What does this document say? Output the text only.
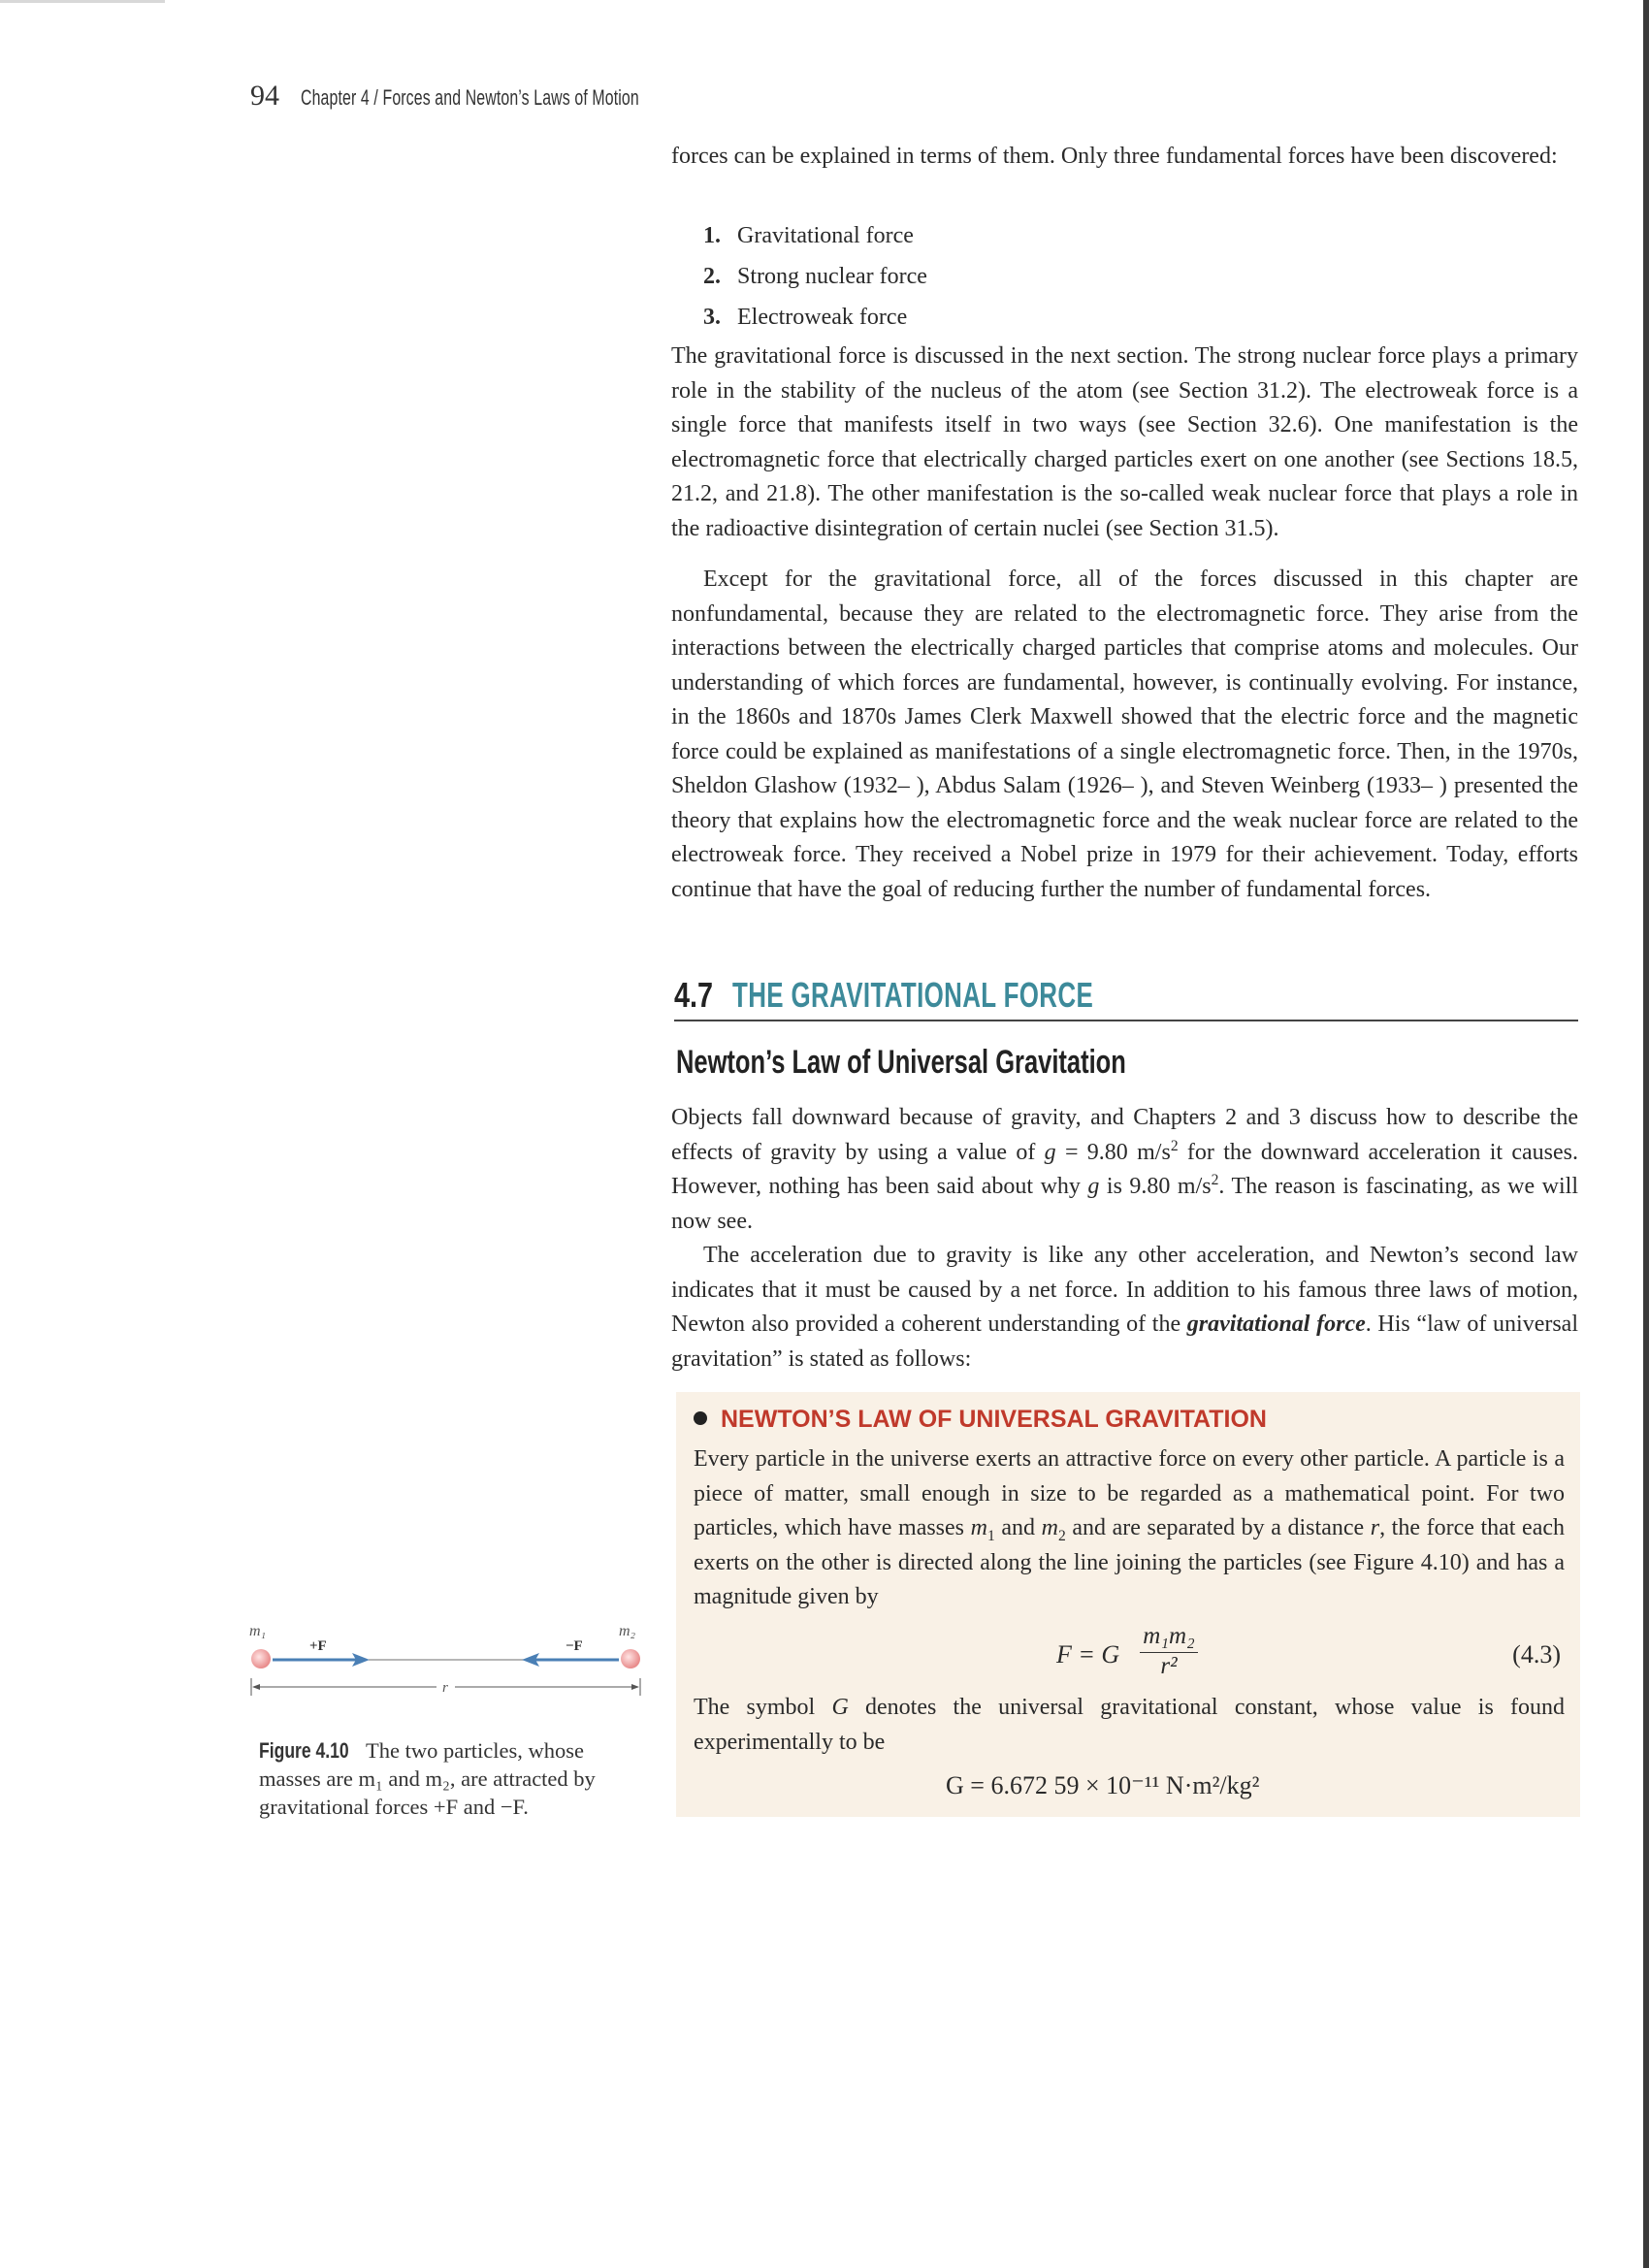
94 Chapter 4 / Forces and Newton’s Laws of Motion

forces can be explained in terms of them. Only three fundamental forces have been discovered:

1. Gravitational force
2. Strong nuclear force
3. Electroweak force

The gravitational force is discussed in the next section. The strong nuclear force plays a primary role in the stability of the nucleus of the atom (see Section 31.2). The electroweak force is a single force that manifests itself in two ways (see Section 32.6). One manifestation is the electromagnetic force that electrically charged particles exert on one another (see Sections 18.5, 21.2, and 21.8). The other manifestation is the so-called weak nuclear force that plays a role in the radioactive disintegration of certain nuclei (see Section 31.5).

Except for the gravitational force, all of the forces discussed in this chapter are nonfundamental, because they are related to the electromagnetic force. They arise from the interactions between the electrically charged particles that comprise atoms and molecules. Our understanding of which forces are fundamental, however, is continually evolving. For instance, in the 1860s and 1870s James Clerk Maxwell showed that the electric force and the magnetic force could be explained as manifestations of a single electromagnetic force. Then, in the 1970s, Sheldon Glashow (1932– ), Abdus Salam (1926– ), and Steven Weinberg (1933– ) presented the theory that explains how the electromagnetic force and the weak nuclear force are related to the electroweak force. They received a Nobel prize in 1979 for their achievement. Today, efforts continue that have the goal of reducing further the number of fundamental forces.

4.7 THE GRAVITATIONAL FORCE
Newton’s Law of Universal Gravitation

Objects fall downward because of gravity, and Chapters 2 and 3 discuss how to describe the effects of gravity by using a value of g = 9.80 $m/s^2$ for the downward acceleration it causes. However, nothing has been said about why g is 9.80 $m/s^2$. The reason is fascinating, as we will now see.

The acceleration due to gravity is like any other acceleration, and Newton’s second law indicates that it must be caused by a net force. In addition to his famous three laws of motion, Newton also provided a coherent understanding of the gravitational force. His “law of universal gravitation” is stated as follows:

NEWTON’S LAW OF UNIVERSAL GRAVITATION

Every particle in the universe exerts an attractive force on every other particle. A particle is a piece of matter, small enough in size to be regarded as a mathematical point. For two particles, which have masses $m_1$ and $m_2$ and are separated by a distance r, the force that each exerts on the other is directed along the line joining the particles (see Figure 4.10) and has a magnitude given by

F = G $\frac{\text{m₁m₂}}{\text{r²}}$	(4.3)

The symbol G denotes the universal gravitational constant, whose value is found experimentally to be

G = 6.672 59 × 10⁻¹¹ N·m²/kg²
m₁	m₂
+F	−F
r
Figure 4.10 The two particles, whose masses are m₁ and m₂, are attracted by gravitational forces +F and −F.
